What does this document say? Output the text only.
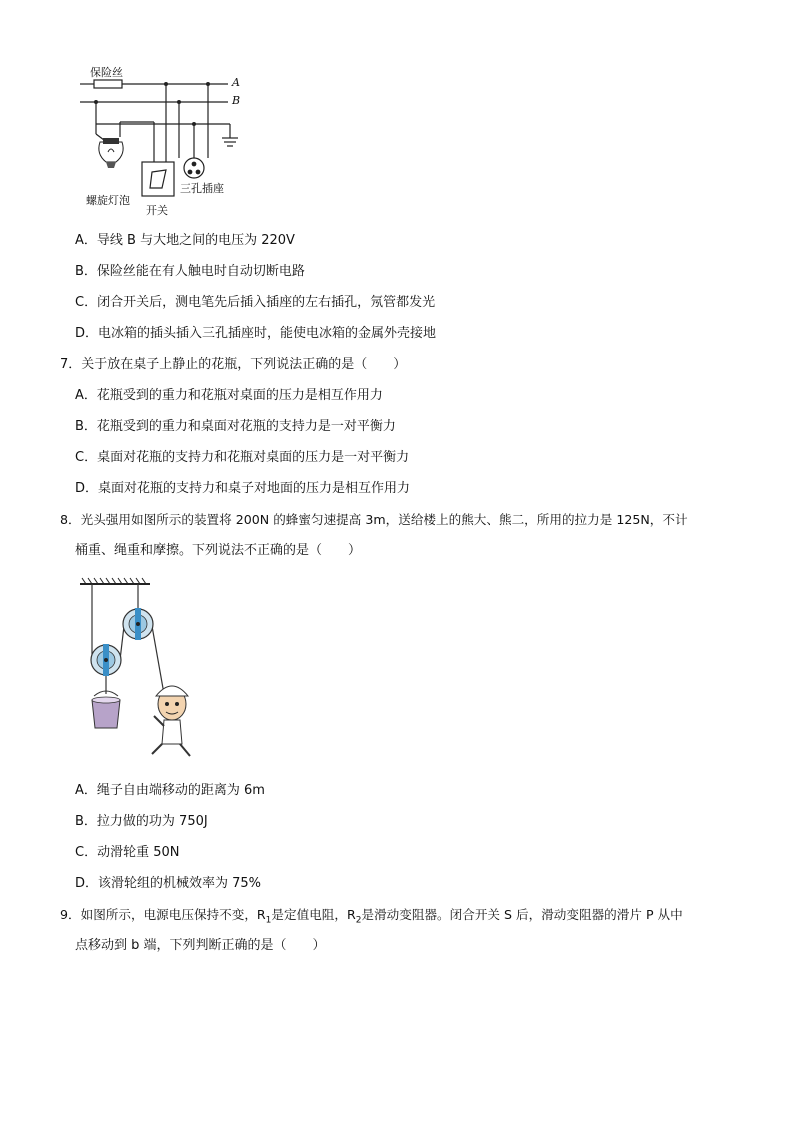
保险丝
A
B
螺旋灯泡
开关
三孔插座
A．导线 B 与大地之间的电压为 220V
B．保险丝能在有人触电时自动切断电路
C．闭合开关后，测电笔先后插入插座的左右插孔，氖管都发光
D．电冰箱的插头插入三孔插座时，能使电冰箱的金属外壳接地
7．关于放在桌子上静止的花瓶，下列说法正确的是（　　）
A．花瓶受到的重力和花瓶对桌面的压力是相互作用力
B．花瓶受到的重力和桌面对花瓶的支持力是一对平衡力
C．桌面对花瓶的支持力和花瓶对桌面的压力是一对平衡力
D．桌面对花瓶的支持力和桌子对地面的压力是相互作用力
8．光头强用如图所示的装置将 200N 的蜂蜜匀速提高 3m，送给楼上的熊大、熊二，所用的拉力是 125N，不计
桶重、绳重和摩擦。下列说法不正确的是（　　）
A．绳子自由端移动的距离为 6m
B．拉力做的功为 750J
C．动滑轮重 50N
D．该滑轮组的机械效率为 75%
9．如图所示，电源电压保持不变，$R_1$是定值电阻，$R_2$是滑动变阻器。闭合开关 S 后，滑动变阻器的滑片 P 从中
点移动到 b 端，下列判断正确的是（　　）
